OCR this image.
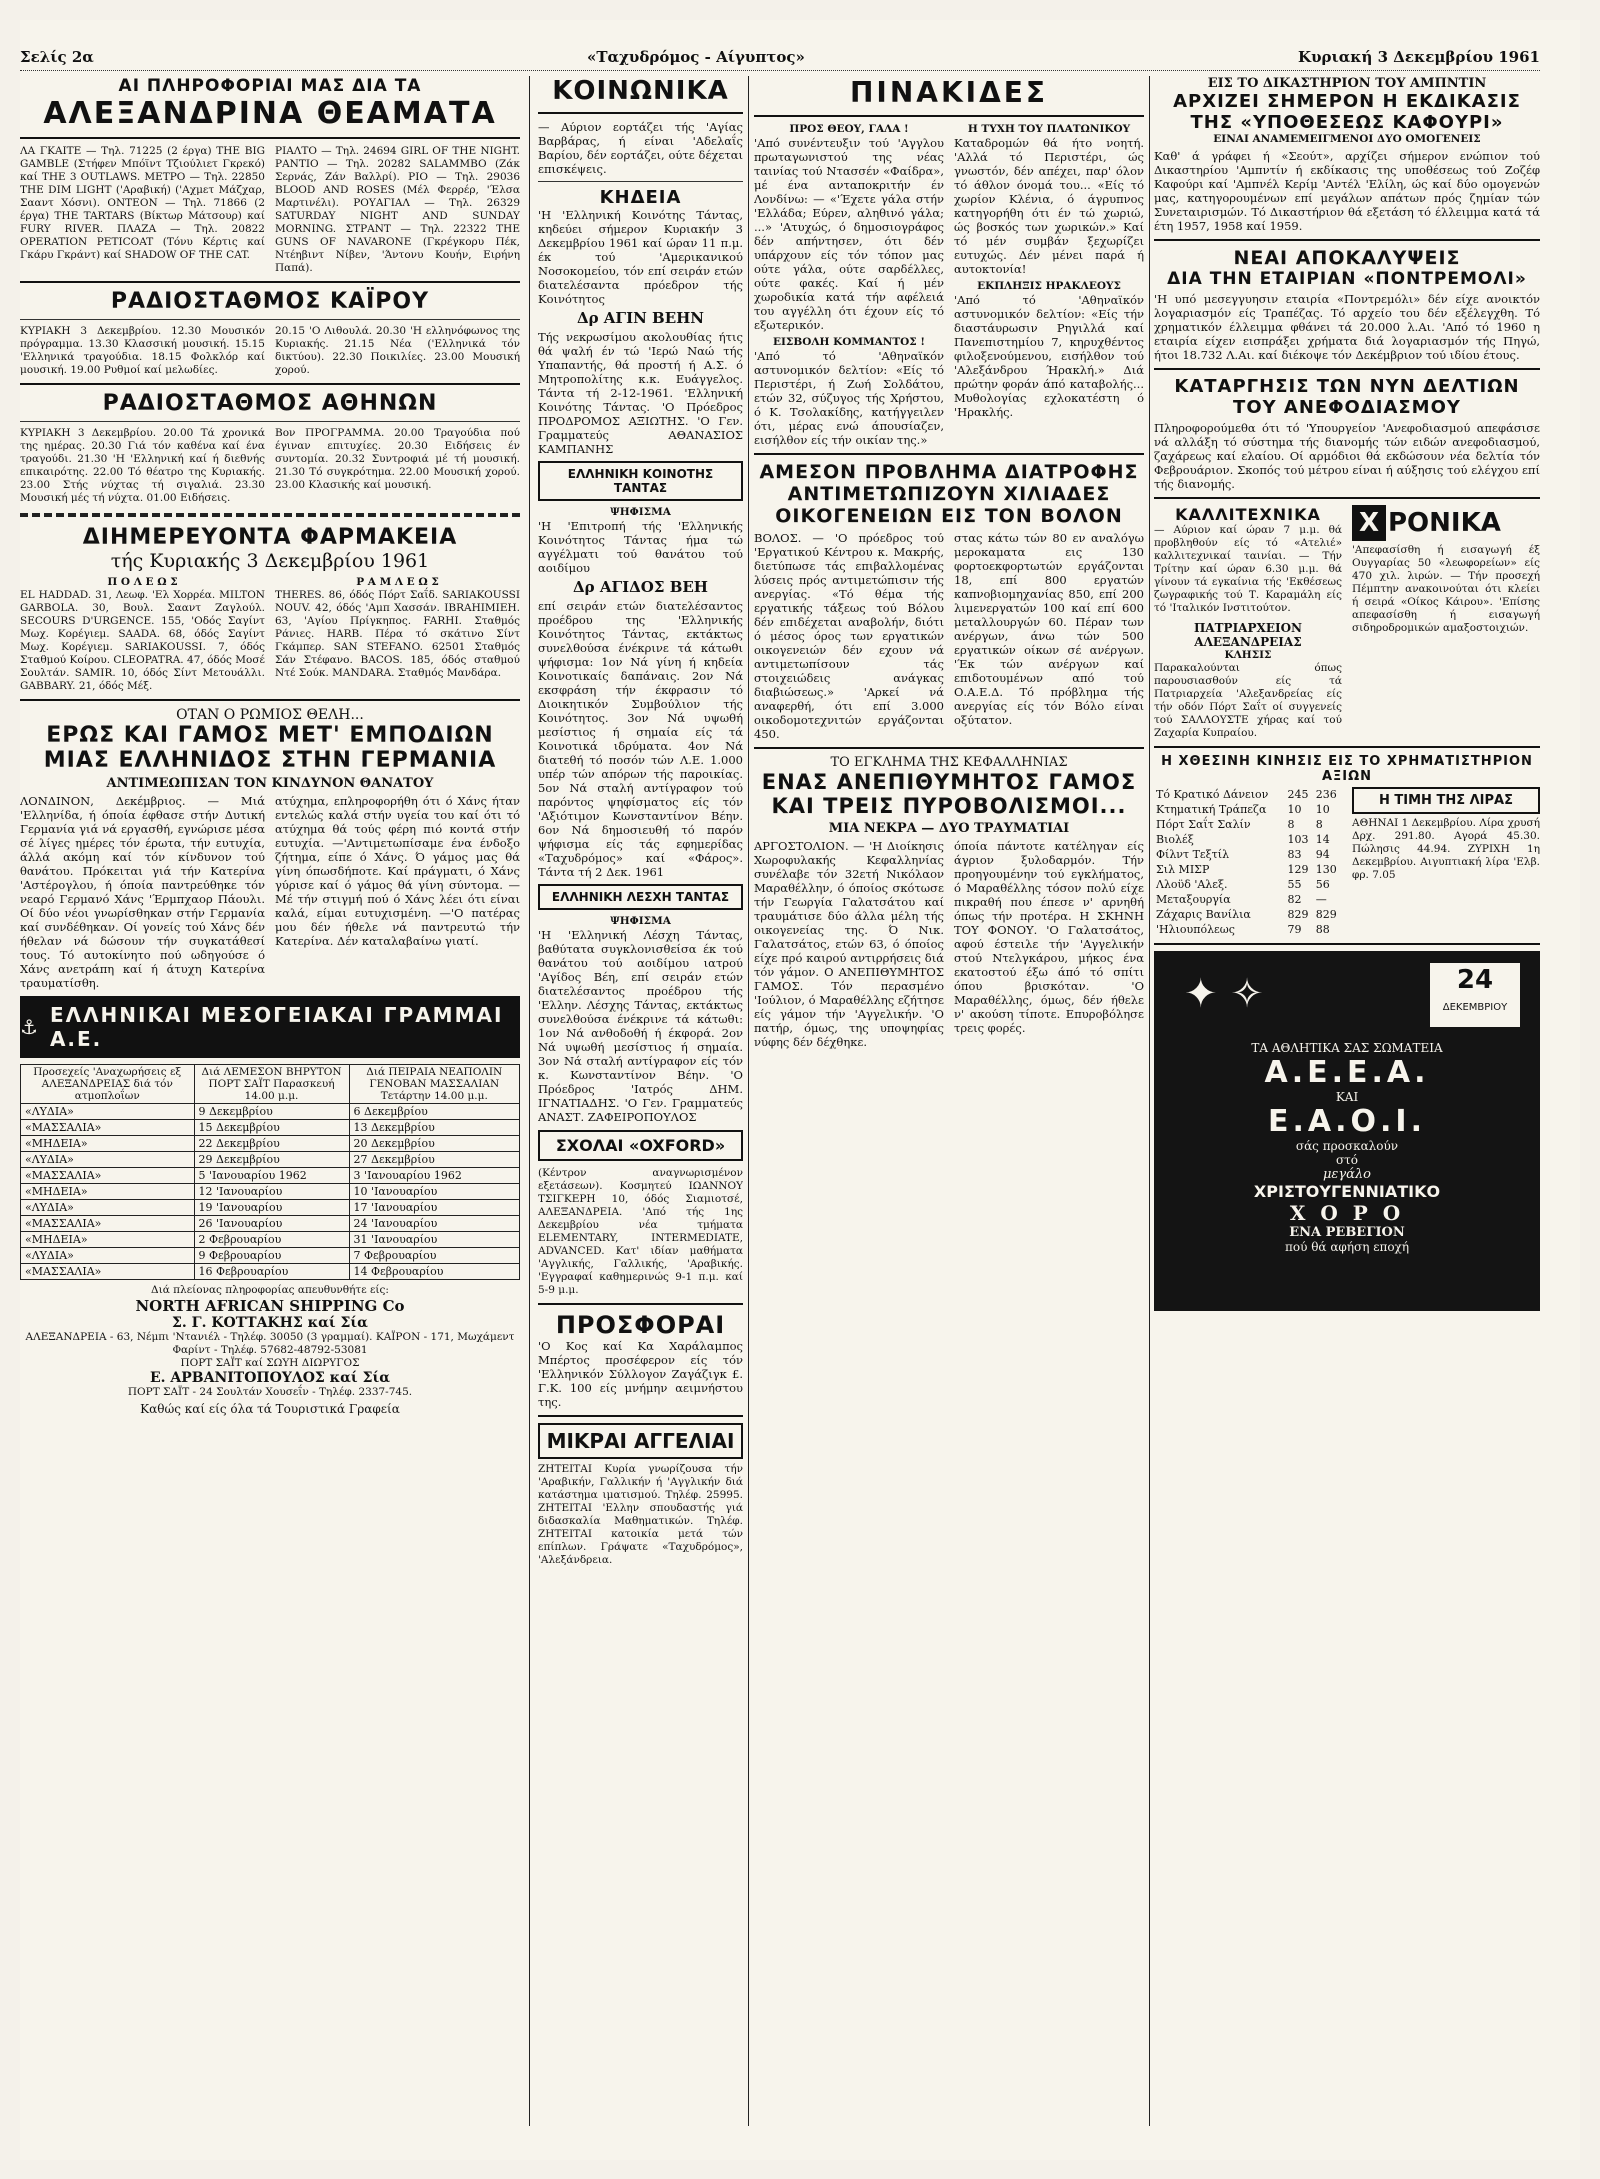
Σελίς 2α	«Ταχυδρόμος - Αίγυπτος»	Κυριακή 3 Δεκεμβρίου 1961
ΑΙ ΠΛΗΡΟΦΟΡΙΑΙ ΜΑΣ ΔΙΑ ΤΑ
ΑΛΕΞΑΝΔΡΙΝΑ ΘΕΑΜΑΤΑ

ΛΑ ΓΚΑΙΤΕ — Τηλ. 71225 (2 έργα) THE BIG GAMBLE (Στήφεν Μπόϊντ Τζιούλιετ Γκρεκό) καί THE 3 OUTLAWS. ΜΕΤΡΟ — Τηλ. 22850 THE DIM LIGHT ('Αραβική) ('Αχμετ Μάζχαρ, Σααντ Χόσνι). ΟΝΤΕΟΝ — Τηλ. 71866 (2 έργα) THE TARTARS (Βίκτωρ Μάτσουρ) καί FURY RIVER. ΠΛΑΖΑ — Τηλ. 20822 OPERATION PETICOAT (Τόνυ Κέρτις καί Γκάρυ Γκράντ) καί SHADOW OF THE CAT.

ΡΙΑΛΤΟ — Τηλ. 24694 GIRL OF THE NIGHT. ΡΑΝΤΙΟ — Τηλ. 20282 SALAMMBO (Ζάκ Σερνάς, Ζάν Βαλλρί). ΡΙΟ — Τηλ. 29036 BLOOD AND ROSES (Μέλ Φερρέρ, 'Έλσα Μαρτινέλι). ΡΟΥΑΓΙΑΛ — Τηλ. 26329 SATURDAY NIGHT AND SUNDAY MORNING. ΣΤΡΑΝΤ — Τηλ. 22322 THE GUNS OF NAVARONE (Γκρέγκορυ Πέκ, Ντέηβιντ Νίβεν, 'Άντονυ Κουήν, Ειρήνη Παπά).

ΡΑΔΙΟΣΤΑΘΜΟΣ ΚΑΪΡΟΥ

ΚΥΡΙΑΚΗ 3 Δεκεμβρίου. 12.30 Μουσικόν πρόγραμμα. 13.30 Κλασσική μουσική. 15.15 'Ελληνικά τραγούδια. 18.15 Φολκλόρ καί μουσική. 19.00 Ρυθμοί καί μελωδίες.

20.15 'Ο Λιθουλά. 20.30 'Η ελληνόφωνος της Κυριακής. 21.15 Νέα ('Ελληνικά τόν δικτύου). 22.30 Ποικιλίες. 23.00 Μουσική χορού.

ΡΑΔΙΟΣΤΑΘΜΟΣ ΑΘΗΝΩΝ

ΚΥΡΙΑΚΗ 3 Δεκεμβρίου. 20.00 Τά χρονικά της ημέρας. 20.30 Γιά τόν καθένα καί ένα τραγούδι. 21.30 'Η 'Ελληνική καί ή διεθνής επικαιρότης. 22.00 Τό θέατρο της Κυριακής. 23.00 Στής νύχτας τή σιγαλιά. 23.30 Μουσική μές τή νύχτα. 01.00 Ειδήσεις.

Βον ΠΡΟΓΡΑΜΜΑ. 20.00 Τραγούδια πού έγιναν επιτυχίες. 20.30 Ειδήσεις έν συντομία. 20.32 Συντροφιά μέ τή μουσική. 21.30 Τό συγκρότημα. 22.00 Μουσική χορού. 23.00 Κλασικής καί μουσική.

ΔΙΗΜΕΡΕΥΟΝΤΑ ΦΑΡΜΑΚΕΙΑ
τής Κυριακής 3 Δεκεμβρίου 1961
Π Ο Λ Ε Ω Σ

EL HADDAD. 31, Λεωφ. 'Ελ Χορρέα. MILTON GARBOLA. 30, Βουλ. Σααντ Ζαγλούλ. SECOURS D'URGENCE. 155, 'Οδός Σαγίντ Μωχ. Κορέγιεμ. SAADA. 68, όδός Σαγίντ Μωχ. Κορέγιεμ. SARIAKOUSSI. 7, όδός Σταθμού Κοίρου. CLEOPATRA. 47, όδός Μοσέ Σουλτάν. SAMIR. 10, όδός Σίντ Μετουάλλι. GABBARY. 21, όδός Μέξ.

Ρ Α Μ Λ Ε Ω Σ

THERES. 86, όδός Πόρτ Σαΐδ. SARIAKOUSSI NOUV. 42, όδός 'Αμπ Χασσάν. IBRAHIMIEH. 63, 'Αγίου Πρίγκηπος. FARHI. Σταθμός Ράνιες. HARB. Πέρα τό σκάτινο Σίντ Γκάμπερ. SAN STEFANO. 62501 Σταθμός Σάν Στέφανο. BACOS. 185, όδός σταθμού Ντέ Σούκ. MANDARA. Σταθμός Μανδάρα.

ΟΤΑΝ Ο ΡΩΜΙΟΣ ΘΕΛΗ...
ΕΡΩΣ ΚΑΙ ΓΑΜΟΣ ΜΕΤ' ΕΜΠΟΔΙΩΝ
ΜΙΑΣ ΕΛΛΗΝΙΔΟΣ ΣΤΗΝ ΓΕΡΜΑΝΙΑ
ΑΝΤΙΜΕΩΠΙΣΑΝ ΤΟΝ ΚΙΝΔΥΝΟΝ ΘΑΝΑΤΟΥ

ΛΟΝΔΙΝΟΝ, Δεκέμβριος. — Μιά 'Ελληνίδα, ή όποία έφθασε στήν Δυτική Γερμανία γιά νά εργασθή, εγνώρισε μέσα σέ λίγες ημέρες τόν έρωτα, τήν ευτυχία, άλλά ακόμη καί τόν κίνδυνον τού θανάτου. Πρόκειται γιά τήν Κατερίνα 'Αστέρογλου, ή όποία παντρεύθηκε τόν νεαρό Γερμανό Χάνς 'Έρμπχαορ Πάουλι. Οί δύο νέοι γνωρίσθηκαν στήν Γερμανία καί συνδέθηκαν. Οί γονείς τού Χάνς δέν ήθελαν νά δώσουν τήν συγκατάθεσί τους. Τό αυτοκίνητο πού ωδηγούσε ό Χάνς ανετράπη καί ή άτυχη Κατερίνα τραυματίσθη.

ατύχημα, επληροφορήθη ότι ό Χάνς ήταν εντελώς καλά στήν υγεία του καί ότι τό ατύχημα θά τούς φέρη πιό κοντά στήν ευτυχία. —'Αντιμετωπίσαμε ένα ένδοξο ζήτημα, είπε ό Χάνς. Ό γάμος μας θά γίνη όπωσδήποτε. Καί πράγματι, ό Χάνς γύρισε καί ό γάμος θά γίνη σύντομα. —Μέ τήν στιγμή πού ό Χάνς λέει ότι είναι καλά, είμαι ευτυχισμένη. —'Ο πατέρας μου δέν ήθελε νά παντρευτώ τήν Κατερίνα. Δέν καταλαβαίνω γιατί.

⚓ ΕΛΛΗΝΙΚΑΙ ΜΕΣΟΓΕΙΑΚΑΙ ΓΡΑΜΜΑΙ Α.Ε.
Προσεχείς 'Αναχωρήσεις εξ ΑΛΕΞΑΝΔΡΕΙΑΣ διά τόν ατμοπλοΐων	Διά ΛΕΜΕΣΟΝ ΒΗΡΥΤΟΝ ΠΟΡΤ ΣΑΪΤ Παρασκευή 14.00 μ.μ.	Διά ΠΕΙΡΑΙΑ ΝΕΑΠΟΛΙΝ ΓΕΝΟΒΑΝ ΜΑΣΣΑΛΙΑΝ Τετάρτην 14.00 μ.μ.
«ΛΥΔΙΑ»	9 Δεκεμβρίου	6 Δεκεμβρίου
«ΜΑΣΣΑΛΙΑ»	15 Δεκεμβρίου	13 Δεκεμβρίου
«ΜΗΔΕΙΑ»	22 Δεκεμβρίου	20 Δεκεμβρίου
«ΛΥΔΙΑ»	29 Δεκεμβρίου	27 Δεκεμβρίου
«ΜΑΣΣΑΛΙΑ»	5 'Ιανουαρίου 1962	3 'Ιανουαρίου 1962
«ΜΗΔΕΙΑ»	12 'Ιανουαρίου	10 'Ιανουαρίου
«ΛΥΔΙΑ»	19 'Ιανουαρίου	17 'Ιανουαρίου
«ΜΑΣΣΑΛΙΑ»	26 'Ιανουαρίου	24 'Ιανουαρίου
«ΜΗΔΕΙΑ»	2 Φεβρουαρίου	31 'Ιανουαρίου
«ΛΥΔΙΑ»	9 Φεβρουαρίου	7 Φεβρουαρίου
«ΜΑΣΣΑΛΙΑ»	16 Φεβρουαρίου	14 Φεβρουαρίου
Διά πλείονας πληροφορίας απευθυνθήτε είς:
NORTH AFRICAN SHIPPING Co
Σ. Γ. ΚΟΤΤΑΚΗΣ καί Σία
ΑΛΕΞΑΝΔΡΕΙΑ - 63, Νέμπι 'Ντανιέλ - Τηλέφ. 30050 (3 γραμμαί). ΚΑΪΡΟΝ - 171, Μωχάμεντ Φαρίντ - Τηλέφ. 57682-48792-53081
ΠΟΡΤ ΣΑΪΤ καί ΣΩΥΗ ΔΙΩΡΥΓΟΣ
Ε. ΑΡΒΑΝΙΤΟΠΟΥΛΟΣ καί Σία
ΠΟΡΤ ΣΑΪΤ - 24 Σουλτάν Χουσεΐν - Τηλέφ. 2337-745.
Καθώς καί είς όλα τά Τουριστικά Γραφεία
ΚΟΙΝΩΝΙΚΑ

— Αύριον εορτάζει τής 'Αγίας Βαρβάρας, ή είναι 'Αδελαΐς Βαρίου, δέν εορτάζει, ούτε δέχεται επισκέψεις.

ΚΗΔΕΙΑ

'Η 'Ελληνική Κοινότης Τάντας, κηδεύει σήμερον Κυριακήν 3 Δεκεμβρίου 1961 καί ώραν 11 π.μ. έκ τού 'Αμερικανικού Νοσοκομείου, τόν επί σειράν ετών διατελέσαντα πρόεδρον τής Κοινότητος

Δρ ΑΓΙΝ ΒΕΗΝ

Τής νεκρωσίμου ακολουθίας ήτις θά ψαλή έν τώ 'Ιερώ Ναώ τής Υπαπαντής, θά προστή ή Α.Σ. ό Μητροπολίτης κ.κ. Ευάγγελος. Τάντα τή 2-12-1961. 'Ελληνική Κοινότης Τάντας. 'Ο Πρόεδρος ΠΡΟΔΡΟΜΟΣ ΑΞΙΩΤΗΣ. 'Ο Γεν. Γραμματεύς ΑΘΑΝΑΣΙΟΣ ΚΑΜΠΑΝΗΣ

ΕΛΛΗΝΙΚΗ ΚΟΙΝΟΤΗΣ ΤΑΝΤΑΣ
ΨΗΦΙΣΜΑ

'Η 'Επιτροπή τής 'Ελληνικής Κοινότητος Τάντας ήμα τώ αγγέλματι τού θανάτου τού αοιδίμου

Δρ ΑΓΙΔΟΣ ΒΕΗ

επί σειράν ετών διατελέσαντος προέδρου της 'Ελληνικής Κοινότητος Τάντας, εκτάκτως συνελθούσα ένέκρινε τά κάτωθι ψήφισμα: 1ον Νά γίνη ή κηδεία Κοινοτικαίς δαπάναις. 2ον Νά εκσφράση τήν έκφρασιν τό Διοικητικόν Συμβούλιον τής Κοινότητος. 3ον Νά υψωθή μεσίστιος ή σημαία είς τά Κοινοτικά ιδρύματα. 4ον Νά διατεθή τό ποσόν τών Λ.Ε. 1.000 υπέρ τών απόρων τής παροικίας. 5ον Νά σταλή αντίγραφον τού παρόντος ψηφίσματος είς τόν 'Αξιότιμον Κωνσταντίνον Βέην. 6ον Νά δημοσιευθή τό παρόν ψήφισμα είς τάς εφημερίδας «Ταχυδρόμος» καί «Φάρος». Τάντα τή 2 Δεκ. 1961

ΕΛΛΗΝΙΚΗ ΛΕΣΧΗ ΤΑΝΤΑΣ
ΨΗΦΙΣΜΑ

'Η 'Ελληνική Λέσχη Τάντας, βαθύτατα συγκλονισθείσα έκ τού θανάτου τού αοιδίμου ιατρού 'Αγίδος Βέη, επί σειράν ετών διατελέσαντος προέδρου τής 'Ελλην. Λέσχης Τάντας, εκτάκτως συνελθούσα ένέκρινε τά κάτωθι: 1ον Νά ανθοδοθή ή έκφορά. 2ον Νά υψωθή μεσίστιος ή σημαία. 3ον Νά σταλή αντίγραφον είς τόν κ. Κωνσταντίνον Βέην. 'Ο Πρόεδρος 'Ιατρός ΔΗΜ. ΙΓΝΑΤΙΑΔΗΣ. 'Ο Γεν. Γραμματεύς ΑΝΑΣΤ. ΖΑΦΕΙΡΟΠΟΥΛΟΣ

ΣΧΟΛΑΙ «OXFORD»

(Κέντρον αναγνωρισμένον εξετάσεων). Κοσμητεύ ΙΩΑΝΝΟΥ ΤΣΙΓΚΕΡΗ 10, όδός Σιαμιοτσέ, ΑΛΕΞΑΝΔΡΕΙΑ. 'Από τής 1ης Δεκεμβρίου νέα τμήματα ELEMENTARY, INTERMEDIATE, ADVANCED. Κατ' ιδίαν μαθήματα 'Αγγλικής, Γαλλικής, 'Αραβικής. 'Εγγραφαί καθημερινώς 9-1 π.μ. καί 5-9 μ.μ.

ΠΡΟΣΦΟΡΑΙ

'Ο Κος καί Κα Χαράλαμπος Μπέρτος προσέφερον είς τόν 'Ελληνικόν Σύλλογον Ζαγάζιγκ £. Γ.Κ. 100 είς μνήμην αειμνήστου της.

ΜΙΚΡΑΙ ΑΓΓΕΛΙΑΙ

ΖΗΤΕΙΤΑΙ Κυρία γνωρίζουσα τήν 'Αραβικήν, Γαλλικήν ή 'Αγγλικήν διά κατάστημα ιματισμού. Τηλέφ. 25995. ΖΗΤΕΙΤΑΙ 'Ελλην σπουδαστής γιά διδασκαλία Μαθηματικών. Τηλέφ. ΖΗΤΕΙΤΑΙ κατοικία μετά τών επίπλων. Γράψατε «Ταχυδρόμος», 'Αλεξάνδρεια.

ΠΙΝΑΚΙΔΕΣ
ΠΡΟΣ ΘΕΟΥ, ΓΑΛΑ !

'Από συνέντευξιν τού 'Αγγλου πρωταγωνιστού της νέας ταινίας τού Ντασσέν «Φαίδρα», μέ ένα ανταποκριτήν έν Λονδίνω: — «'Έχετε γάλα στήν 'Ελλάδα; Εύρεν, αληθινό γάλα; ...» 'Ατυχώς, ό δημοσιογράφος δέν απήντησεν, ότι δέν υπάρχουν είς τόν τόπον μας ούτε γάλα, ούτε σαρδέλλες, ούτε φακές. Καί ή μέν χωροδικία κατά τήν αφέλειά του αγγέλλη ότι έχουν είς τό εξωτερικόν.

ΕΙΣΒΟΛΗ ΚΟΜΜΑΝΤΟΣ !

'Από τό 'Αθηναϊκόν αστυνομικόν δελτίον: «Είς τό Περιστέρι, ή Ζωή Σολδάτου, ετών 32, σύζυγος τής Χρήστου, ό Κ. Τσολακίδης, κατήγγειλεν ότι, μέρας ενώ άπουσίαζεν, εισήλθον είς τήν οικίαν της.»

Η ΤΥΧΗ ΤΟΥ ΠΛΑΤΩΝΙΚΟΥ

Καταδρομών θά ήτο νοητή. 'Αλλά τό Περιστέρι, ώς γνωστόν, δέν απέχει, παρ' όλον τό άθλον όνομά του... «Είς τό χωρίον Κλένια, ό άγρυπνος κατηγορήθη ότι έν τώ χωριώ, ώς βοσκός των χωρικών.» Καί τό μέν συμβάν ξεχωρίζει ευτυχώς. Δέν μένει παρά ή αυτοκτονία!

ΕΚΠΛΗΞΙΣ ΗΡΑΚΛΕΟΥΣ

'Από τό 'Αθηναϊκόν αστυνομικόν δελτίον: «Είς τήν διαστάυρωσιν Ρηγιλλά καί Πανεπιστημίου 7, κηρυχθέντος φιλοξενούμενου, εισήλθον τού 'Αλεξάνδρου Ήρακλή.» Διά πρώτην φοράν άπό καταβολής... Μυθολογίας εχλοκατέστη ό 'Ηρακλής.

ΑΜΕΣΟΝ ΠΡΟΒΛΗΜΑ ΔΙΑΤΡΟΦΗΣ
ΑΝΤΙΜΕΤΩΠΙΖΟΥΝ ΧΙΛΙΑΔΕΣ
ΟΙΚΟΓΕΝΕΙΩΝ ΕΙΣ ΤΟΝ ΒΟΛΟΝ

ΒΟΛΟΣ. — 'Ο πρόεδρος τού 'Εργατικού Κέντρου κ. Μακρής, διετύπωσε τάς επιβαλλομένας λύσεις πρός αντιμετώπισιν τής ανεργίας. «Τό θέμα τής εργατικής τάξεως τού Βόλου δέν επιδέχεται αναβολήν, διότι ό μέσος όρος των εργατικών οικογενειών δέν εχουν νά αντιμετωπίσουν τάς στοιχειώδεις ανάγκας διαβιώσεως.» 'Αρκεί νά αναφερθή, ότι επί 3.000 οικοδομοτεχνιτών εργάζονται 450.

στας κάτω τών 80 εν αναλόγω μεροκαματα εις 130 φορτοεκφορτωτών εργάζονται 18, επί 800 εργατών καπνοβιομηχανίας 850, επί 200 λιμενεργατών 100 καί επί 600 μεταλλουργών 60. Πέραν των ανέργων, άνω τών 500 εργατικών οίκων σέ ανέργων. 'Έκ τών ανέργων καί επιδοτουμένων από τού Ο.Α.Ε.Δ. Τό πρόβλημα τής ανεργίας είς τόν Βόλο είναι οξύτατον.

ΤΟ ΕΓΚΛΗΜΑ ΤΗΣ ΚΕΦΑΛΛΗΝΙΑΣ
ΕΝΑΣ ΑΝΕΠΙΘΥΜΗΤΟΣ ΓΑΜΟΣ
ΚΑΙ ΤΡΕΙΣ ΠΥΡΟΒΟΛΙΣΜΟΙ...
ΜΙΑ ΝΕΚΡΑ — ΔΥΟ ΤΡΑΥΜΑΤΙΑΙ

ΑΡΓΟΣΤΟΛΙΟΝ. — 'Η Διοίκησις Χωροφυλακής Κεφαλληνίας συνέλαβε τόν 32ετή Νικόλαον Μαραθέλλην, ό όποίος σκότωσε τήν Γεωργία Γαλατσάτου καί τραυμάτισε δύο άλλα μέλη τής οικογενείας της. Ό Νικ. Γαλατσάτος, ετών 63, ό όποίος είχε πρό καιρού αντιρρήσεις διά τόν γάμον. Ο ΑΝΕΠΙΘΥΜΗΤΟΣ ΓΑΜΟΣ. Τόν περασμένο 'Ιούλιον, ό Μαραθέλλης εζήτησε είς γάμον τήν 'Αγγελικήν. 'Ο πατήρ, όμως, της υποψηφίας νύφης δέν δέχθηκε.

όποία πάντοτε κατέληγαν είς άγριον ξυλοδαρμόν. Τήν προηγουμένην τού εγκλήματος, ό Μαραθέλλης τόσον πολύ είχε πικραθή που έπεσε ν' αρνηθή όπως τήν προτέρα. Η ΣΚΗΝΗ ΤΟΥ ΦΟΝΟΥ. 'Ο Γαλατσάτος, αφού έστειλε τήν 'Αγγελικήν στού Ντελγκάρου, μήκος ένα εκατοστού έξω άπό τό σπίτι όπου βρισκόταν. 'Ο Μαραθέλλης, όμως, δέν ήθελε ν' ακούση τίποτε. Επυροβόλησε τρεις φορές.

ΕΙΣ ΤΟ ΔΙΚΑΣΤΗΡΙΟΝ ΤΟΥ ΑΜΠΝΤΙΝ
ΑΡΧΙΖΕΙ ΣΗΜΕΡΟΝ Η ΕΚΔΙΚΑΣΙΣ
ΤΗΣ «ΥΠΟΘΕΣΕΩΣ ΚΑΦΟΥΡΙ»
ΕΙΝΑΙ ΑΝΑΜΕΜΕΙΓΜΕΝΟΙ ΔΥΟ ΟΜΟΓΕΝΕΙΣ

Καθ' ά γράφει ή «Σεούτ», αρχίζει σήμερον ενώπιον τού Δικαστηρίου 'Αμπντίν ή εκδίκασις της υποθέσεως τού Ζοζέφ Καφούρι καί 'Αμπνέλ Κερίμ 'Αντέλ 'Ελίλη, ώς καί δύο ομογενών μας, κατηγορουμένων επί μεγάλων απάτων πρός ζημίαν τών Συνεταιρισμών. Τό Δικαστήριον θά εξετάση τό έλλειμμα κατά τά έτη 1957, 1958 καί 1959.

ΝΕΑΙ ΑΠΟΚΑΛΥΨΕΙΣ
ΔΙΑ ΤΗΝ ΕΤΑΙΡΙΑΝ «ΠΟΝΤΡΕΜΟΛΙ»

'Η υπό μεσεγγυησιν εταιρία «Ποντρεμόλι» δέν είχε ανοικτόν λογαριασμόν είς Τραπέζας. Τό αρχείο του δέν εξέλεγχθη. Τό χρηματικόν έλλειμμα φθάνει τά 20.000 λ.Αι. 'Από τό 1960 η εταιρία είχεν εισπράξει χρήματα διά λογαριασμόν τής Πηγώ, ήτοι 18.732 Λ.Αι. καί διέκοψε τόν Δεκέμβριον τού ιδίου έτους.

ΚΑΤΑΡΓΗΣΙΣ ΤΩΝ ΝΥΝ ΔΕΛΤΙΩΝ
ΤΟΥ ΑΝΕΦΟΔΙΑΣΜΟΥ

Πληροφορούμεθα ότι τό 'Υπουργείον 'Ανεφοδιασμού απεφάσισε νά αλλάξη τό σύστημα τής διανομής τών ειδών ανεφοδιασμού, ζαχάρεως καί ελαίου. Οί αρμόδιοι θά εκδώσουν νέα δελτία τόν Φεβρουάριον. Σκοπός τού μέτρου είναι ή αύξησις τού ελέγχου επί τής διανομής.

ΚΑΛΛΙΤΕΧΝΙΚΑ

— Αύριον καί ώραν 7 μ.μ. θά προβληθούν είς τό «Ατελιέ» καλλιτεχνικαί ταινίαι. — Τήν Τρίτην καί ώραν 6.30 μ.μ. θά γίνουν τά εγκαίνια τής 'Εκθέσεως ζωγραφικής τού Τ. Καραμάλη είς τό 'Ιταλικόν Ινστιτούτον.

ΠΑΤΡΙΑΡΧΕΙΟΝ ΑΛΕΞΑΝΔΡΕΙΑΣ
ΚΛΗΣΙΣ

Παρακαλούνται όπως παρουσιασθούν είς τά Πατριαρχεία 'Αλεξανδρείας είς τήν οδόν Πόρτ Σαΐτ οί συγγενείς τού ΣΑΛΛΟΥΣΤΕ χήρας καί τού Ζαχαρία Κυπραίου.

Χ ΡΟΝΙΚΑ

'Απεφασίσθη ή εισαγωγή έξ Ουγγαρίας 50 «λεωφορείων» είς 470 χιλ. λιρών. — Τήν προσεχή Πέμπτην ανακοινούται ότι κλείει ή σειρά «Οίκος Κάιρου». 'Επίσης απεφασίσθη ή εισαγωγή σιδηροδρομικών αμαξοστοιχιών.

Η ΧΘΕΣΙΝΗ ΚΙΝΗΣΙΣ ΕΙΣ ΤΟ ΧΡΗΜΑΤΙΣΤΗΡΙΟΝ ΑΞΙΩΝ
Τό Κρατικό Δάνειον	245	236
Κτηματική Τράπεζα	10	10
Πόρτ Σαΐτ Σαλίν	8	8
Βιολέξ	103	14
Φίλντ Τεξτίλ	83	94
Σιλ ΜΙΣΡ	129	130
Λλοϋδ 'Αλεξ.	55	56
Μεταξουργία	82	—
Ζάχαρις Βανίλια	829	829
'Ηλιουπόλεως	79	88
Η ΤΙΜΗ ΤΗΣ ΛΙΡΑΣ

ΑΘΗΝΑΙ 1 Δεκεμβρίου. Λίρα χρυσή Δρχ. 291.80. Αγορά 45.30. Πώλησις 44.94. ΖΥΡΙΧΗ 1η Δεκεμβρίου. Αιγυπτιακή λίρα 'Ελβ. φρ. 7.05

✦ ✧	24
ΔΕΚΕΜΒΡΙΟΥ
ΤΑ ΑΘΛΗΤΙΚΑ ΣΑΣ ΣΩΜΑΤΕΙΑ
Α.Ε.Ε.Α.
ΚΑΙ
Ε.Α.Ο.Ι.
σάς προσκαλούν
στό
μεγάλο
ΧΡΙΣΤΟΥΓΕΝΝΙΑΤΙΚΟ
Χ Ο Ρ Ο
ΕΝΑ ΡΕΒΕΓΙΟΝ
πού θά αφήση εποχή
